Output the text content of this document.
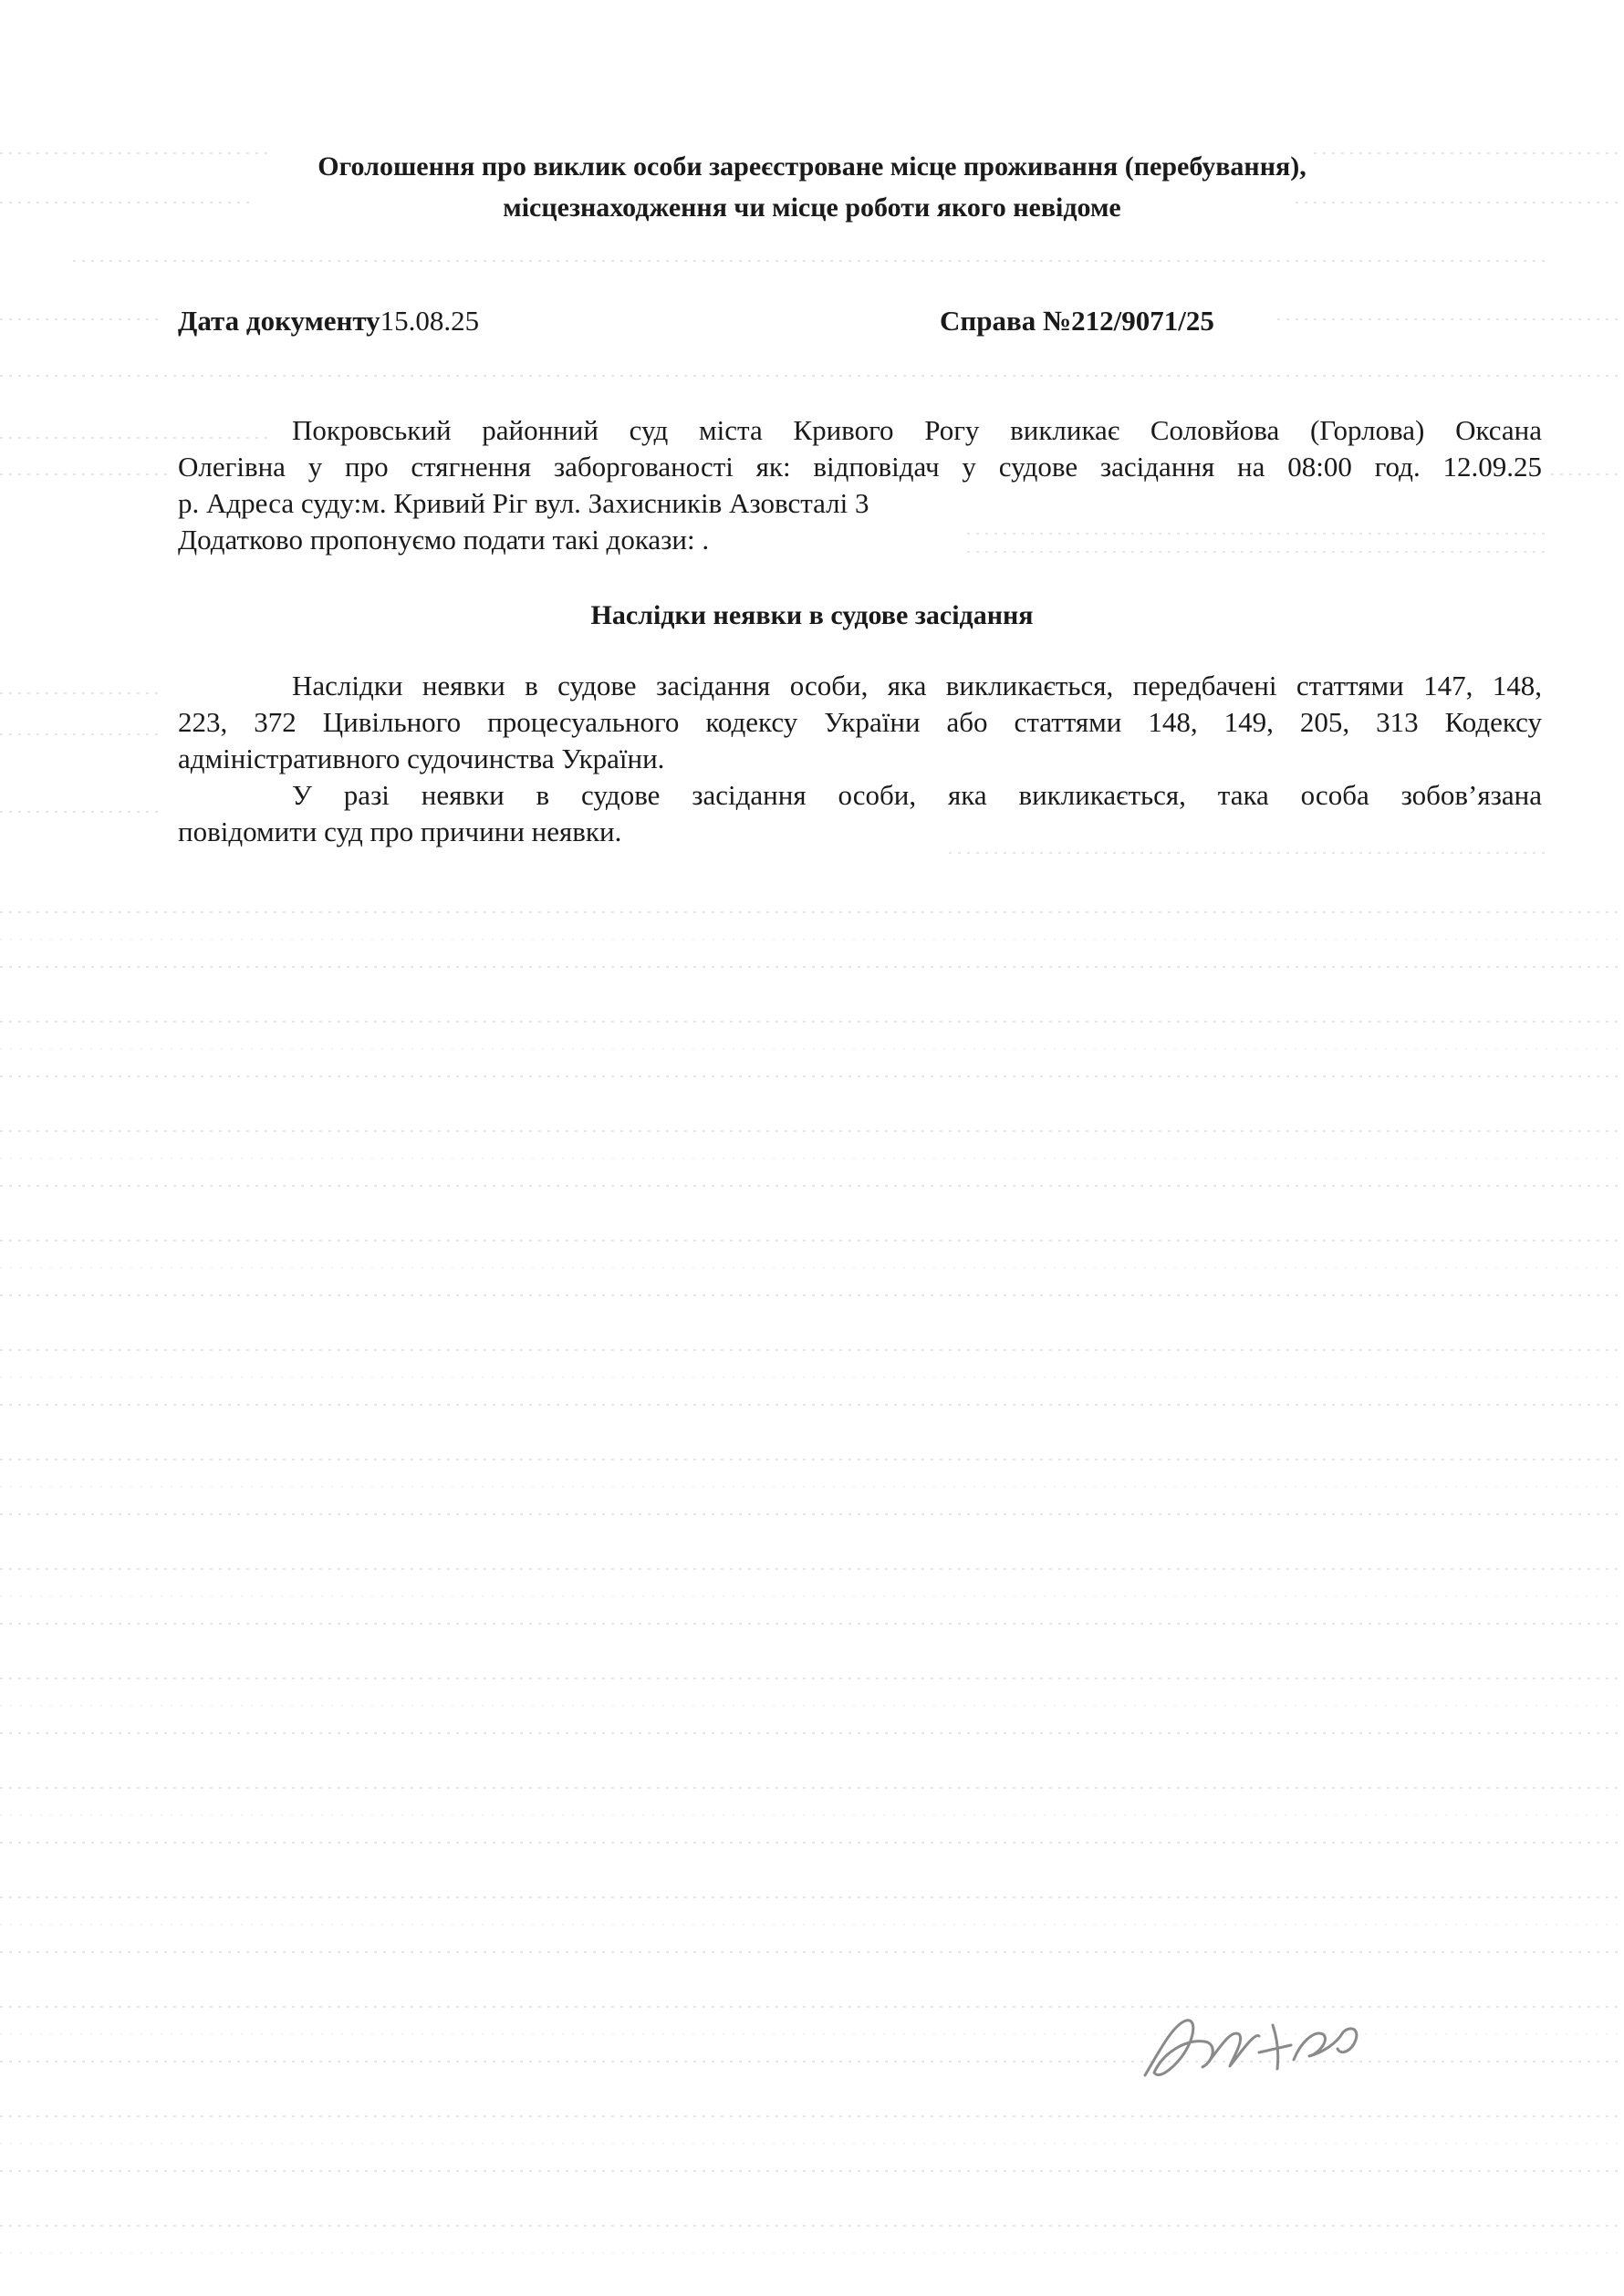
Оголошення про виклик особи зареєстроване місце проживання (перебування),
місцезнаходження чи місце роботи якого невідоме
Дата документу15.08.25	Справа №212/9071/25
Покровський районний суд міста Кривого Рогу викликає Соловйова (Горлова) Оксана
Олегівна у про стягнення заборгованості як: відповідач у судове засідання на 08:00 год. 12.09.25
р. Адреса суду:м. Кривий Ріг вул. Захисників Азовсталі 3
Додатково пропонуємо подати такі докази: .
Наслідки неявки в судове засідання
Наслідки неявки в судове засідання особи, яка викликається, передбачені статтями 147, 148,
223, 372 Цивільного процесуального кодексу України або статтями 148, 149, 205, 313 Кодексу
адміністративного судочинства України.
У разі неявки в судове засідання особи, яка викликається, така особа зобов’язана
повідомити суд про причини неявки.
